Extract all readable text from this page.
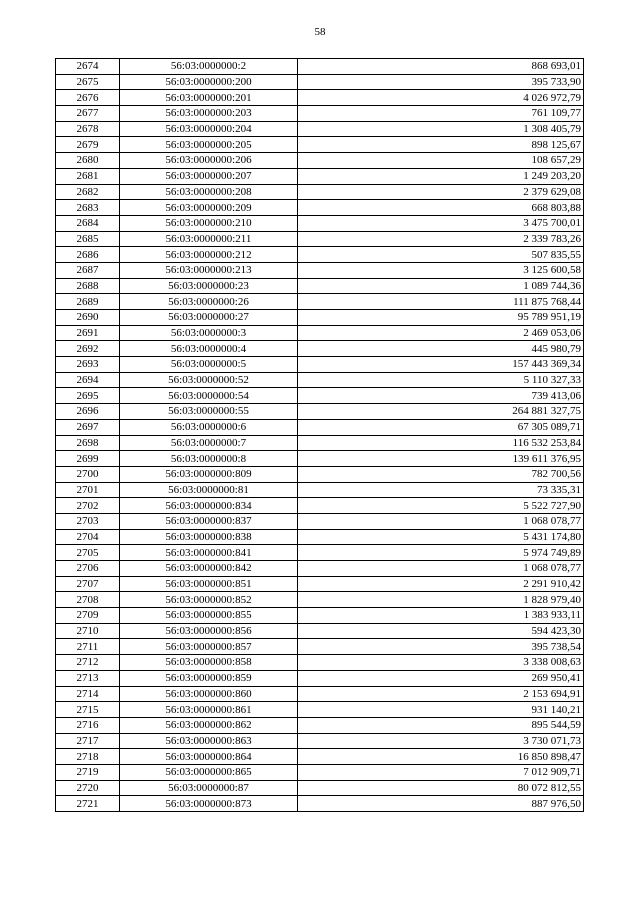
58
2674	56:03:0000000:2	868 693,01
2675	56:03:0000000:200	395 733,90
2676	56:03:0000000:201	4 026 972,79
2677	56:03:0000000:203	761 109,77
2678	56:03:0000000:204	1 308 405,79
2679	56:03:0000000:205	898 125,67
2680	56:03:0000000:206	108 657,29
2681	56:03:0000000:207	1 249 203,20
2682	56:03:0000000:208	2 379 629,08
2683	56:03:0000000:209	668 803,88
2684	56:03:0000000:210	3 475 700,01
2685	56:03:0000000:211	2 339 783,26
2686	56:03:0000000:212	507 835,55
2687	56:03:0000000:213	3 125 600,58
2688	56:03:0000000:23	1 089 744,36
2689	56:03:0000000:26	111 875 768,44
2690	56:03:0000000:27	95 789 951,19
2691	56:03:0000000:3	2 469 053,06
2692	56:03:0000000:4	445 980,79
2693	56:03:0000000:5	157 443 369,34
2694	56:03:0000000:52	5 110 327,33
2695	56:03:0000000:54	739 413,06
2696	56:03:0000000:55	264 881 327,75
2697	56:03:0000000:6	67 305 089,71
2698	56:03:0000000:7	116 532 253,84
2699	56:03:0000000:8	139 611 376,95
2700	56:03:0000000:809	782 700,56
2701	56:03:0000000:81	73 335,31
2702	56:03:0000000:834	5 522 727,90
2703	56:03:0000000:837	1 068 078,77
2704	56:03:0000000:838	5 431 174,80
2705	56:03:0000000:841	5 974 749,89
2706	56:03:0000000:842	1 068 078,77
2707	56:03:0000000:851	2 291 910,42
2708	56:03:0000000:852	1 828 979,40
2709	56:03:0000000:855	1 383 933,11
2710	56:03:0000000:856	594 423,30
2711	56:03:0000000:857	395 738,54
2712	56:03:0000000:858	3 338 008,63
2713	56:03:0000000:859	269 950,41
2714	56:03:0000000:860	2 153 694,91
2715	56:03:0000000:861	931 140,21
2716	56:03:0000000:862	895 544,59
2717	56:03:0000000:863	3 730 071,73
2718	56:03:0000000:864	16 850 898,47
2719	56:03:0000000:865	7 012 909,71
2720	56:03:0000000:87	80 072 812,55
2721	56:03:0000000:873	887 976,50
